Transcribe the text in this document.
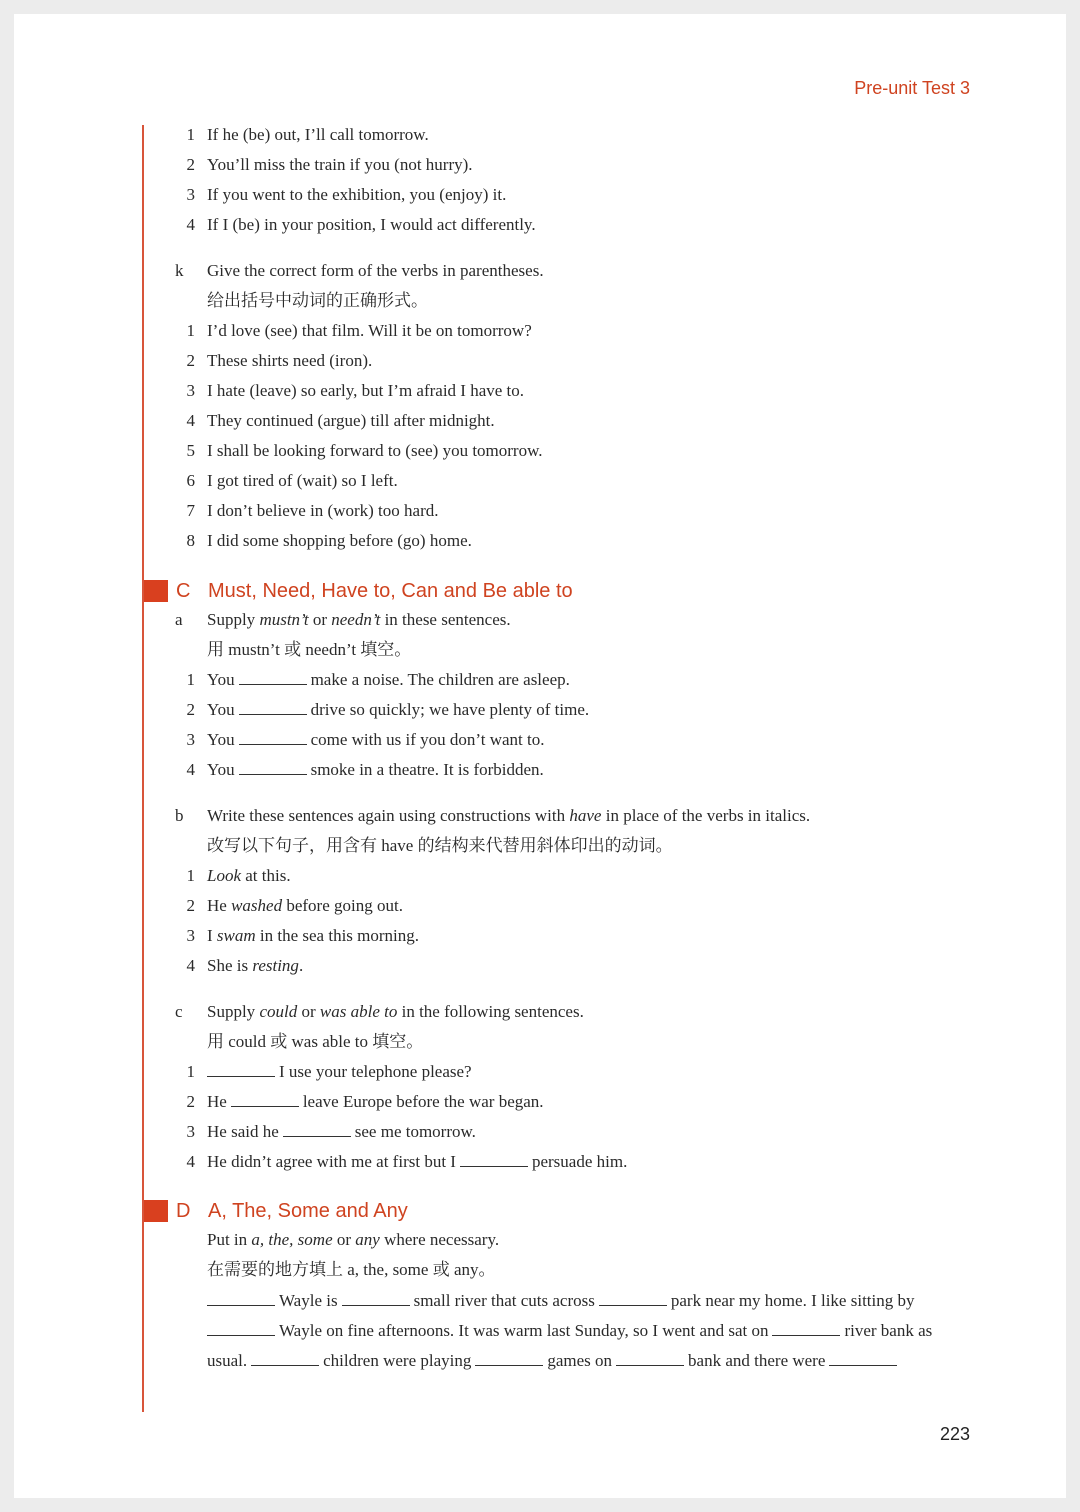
Pre-unit Test 3
1 If he (be) out, I’ll call tomorrow.
2 You’ll miss the train if you (not hurry).
3 If you went to the exhibition, you (enjoy) it.
4 If I (be) in your position, I would act differently.
k Give the correct form of the verbs in parentheses.
给出括号中动词的正确形式。
1 I’d love (see) that film. Will it be on tomorrow?
2 These shirts need (iron).
3 I hate (leave) so early, but I’m afraid I have to.
4 They continued (argue) till after midnight.
5 I shall be looking forward to (see) you tomorrow.
6 I got tired of (wait) so I left.
7 I don’t believe in (work) too hard.
8 I did some shopping before (go) home.
C Must, Need, Have to, Can and Be able to
a Supply mustn’t or needn’t in these sentences.
用 mustn’t 或 needn’t 填空。
1 You	make a noise. The children are asleep.
2 You	drive so quickly; we have plenty of time.
3 You	come with us if you don’t want to.
4 You	smoke in a theatre. It is forbidden.
b Write these sentences again using constructions with have in place of the verbs in italics.
改写以下句子，用含有 have 的结构来代替用斜体印出的动词。
1 Look at this.
2 He washed before going out.
3 I swam in the sea this morning.
4 She is resting.
c Supply could or was able to in the following sentences.
用 could 或 was able to 填空。
1	I use your telephone please?
2 He	leave Europe before the war began.
3 He said he	see me tomorrow.
4 He didn’t agree with me at first but I	persuade him.
D A, The, Some and Any
Put in a, the, some or any where necessary.
在需要的地方填上 a, the, some 或 any。
Wayle is	small river that cuts across	park near my home. I like sitting by
Wayle on fine afternoons. It was warm last Sunday, so I went and sat on	river bank as
usual.	children were playing	games on	bank and there were
223
